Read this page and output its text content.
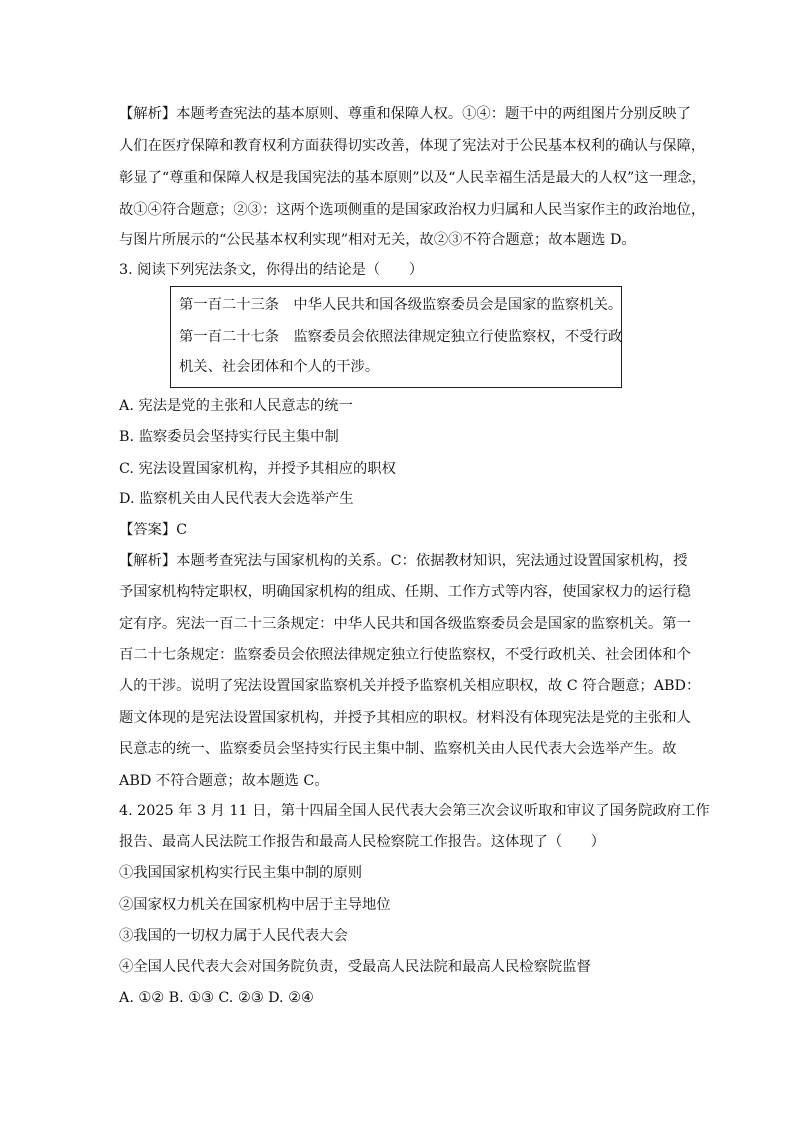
【解析】本题考查宪法的基本原则、尊重和保障人权。①④：题干中的两组图片分别反映了
人们在医疗保障和教育权利方面获得切实改善，体现了宪法对于公民基本权利的确认与保障，
彰显了“尊重和保障人权是我国宪法的基本原则”以及“人民幸福生活是最大的人权”这一理念，
故①④符合题意；②③：这两个选项侧重的是国家政治权力归属和人民当家作主的政治地位，
与图片所展示的“公民基本权利实现”相对无关，故②③不符合题意；故本题选 D。
3. 阅读下列宪法条文，你得出的结论是（　　）
第一百二十三条　中华人民共和国各级监察委员会是国家的监察机关。
第一百二十七条　监察委员会依照法律规定独立行使监察权，不受行政
机关、社会团体和个人的干涉。
A. 宪法是党的主张和人民意志的统一
B. 监察委员会坚持实行民主集中制
C. 宪法设置国家机构，并授予其相应的职权
D. 监察机关由人民代表大会选举产生
【答案】C
【解析】本题考查宪法与国家机构的关系。C：依据教材知识，宪法通过设置国家机构，授
予国家机构特定职权，明确国家机构的组成、任期、工作方式等内容，使国家权力的运行稳
定有序。宪法一百二十三条规定：中华人民共和国各级监察委员会是国家的监察机关。第一
百二十七条规定：监察委员会依照法律规定独立行使监察权，不受行政机关、社会团体和个
人的干涉。说明了宪法设置国家监察机关并授予监察机关相应职权，故 C 符合题意；ABD：
题文体现的是宪法设置国家机构，并授予其相应的职权。材料没有体现宪法是党的主张和人
民意志的统一、监察委员会坚持实行民主集中制、监察机关由人民代表大会选举产生。故
ABD 不符合题意；故本题选 C。
4. 2025 年 3 月 11 日，第十四届全国人民代表大会第三次会议听取和审议了国务院政府工作
报告、最高人民法院工作报告和最高人民检察院工作报告。这体现了（　　）
①我国国家机构实行民主集中制的原则
②国家权力机关在国家机构中居于主导地位
③我国的一切权力属于人民代表大会
④全国人民代表大会对国务院负责，受最高人民法院和最高人民检察院监督
A. ①② B. ①③ C. ②③ D. ②④
